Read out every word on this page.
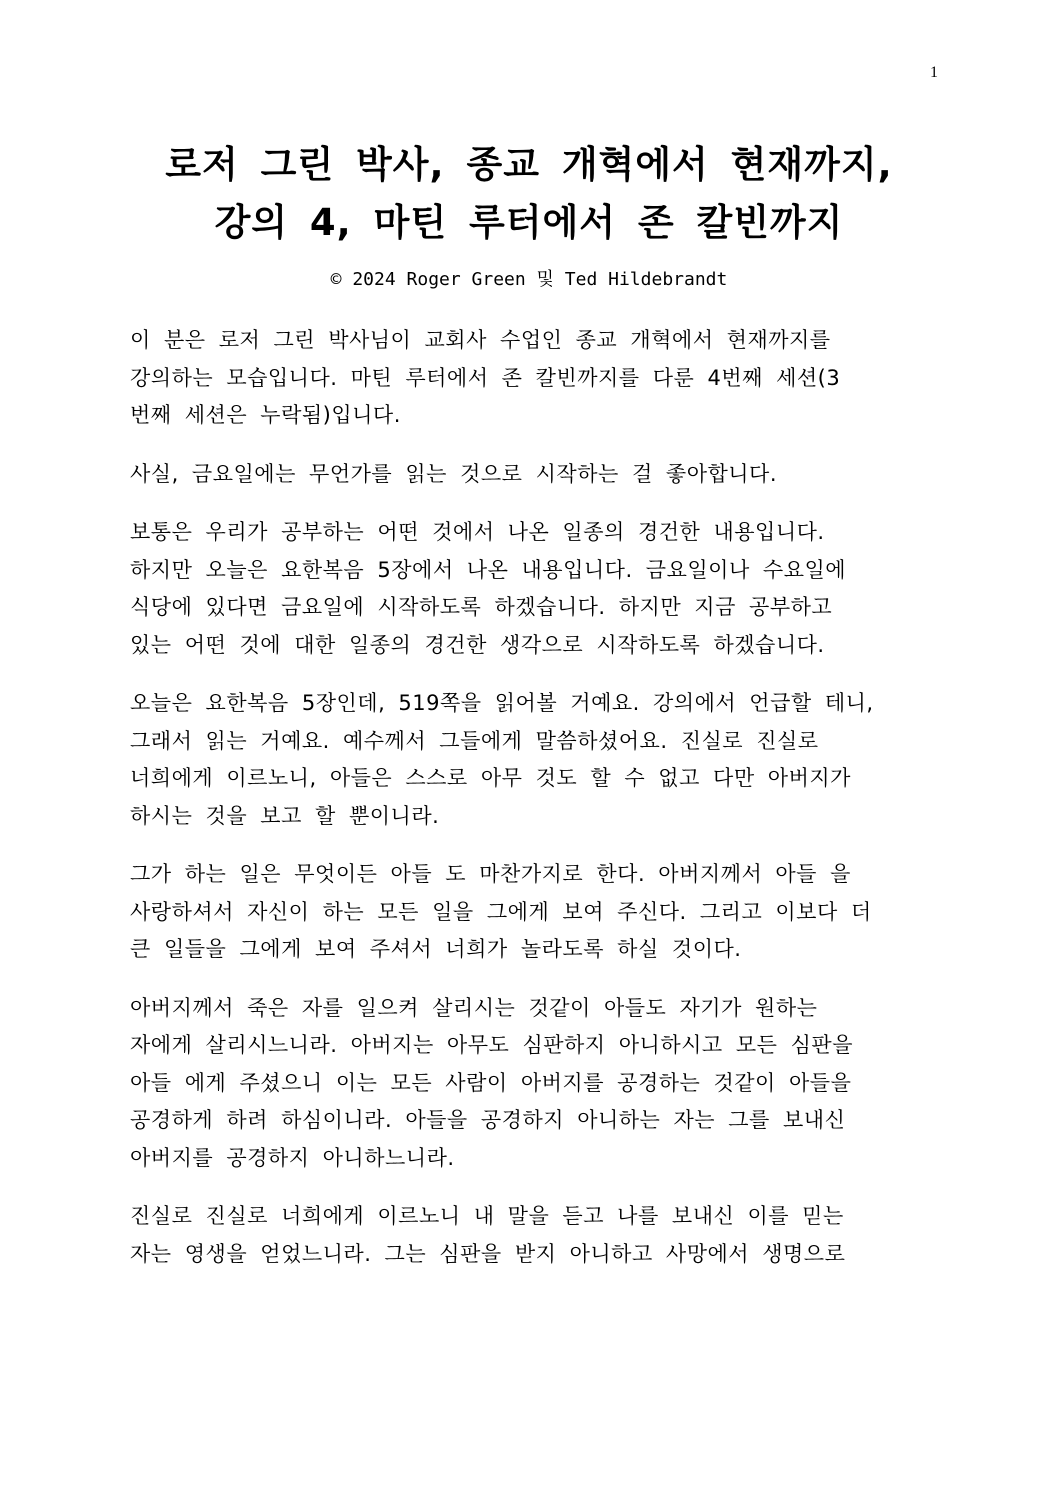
1
로저 그린 박사, 종교 개혁에서 현재까지,
강의 4, 마틴 루터에서 존 칼빈까지
© 2024 Roger Green 및 Ted Hildebrandt
이 분은 로저 그린 박사님이 교회사 수업인 종교 개혁에서 현재까지를
강의하는 모습입니다. 마틴 루터에서 존 칼빈까지를 다룬 4번째 세션(3
번째 세션은 누락됨)입니다.
사실, 금요일에는 무언가를 읽는 것으로 시작하는 걸 좋아합니다.
보통은 우리가 공부하는 어떤 것에서 나온 일종의 경건한 내용입니다.
하지만 오늘은 요한복음 5장에서 나온 내용입니다. 금요일이나 수요일에
식당에 있다면 금요일에 시작하도록 하겠습니다. 하지만 지금 공부하고
있는 어떤 것에 대한 일종의 경건한 생각으로 시작하도록 하겠습니다.
오늘은 요한복음 5장인데, 519쪽을 읽어볼 거예요. 강의에서 언급할 테니,
그래서 읽는 거예요. 예수께서 그들에게 말씀하셨어요. 진실로 진실로
너희에게 이르노니, 아들은 스스로 아무 것도 할 수 없고 다만 아버지가
하시는 것을 보고 할 뿐이니라.
그가 하는 일은 무엇이든 아들 도 마찬가지로 한다. 아버지께서 아들 을
사랑하셔서 자신이 하는 모든 일을 그에게 보여 주신다. 그리고 이보다 더
큰 일들을 그에게 보여 주셔서 너희가 놀라도록 하실 것이다.
아버지께서 죽은 자를 일으켜 살리시는 것같이 아들도 자기가 원하는
자에게 살리시느니라. 아버지는 아무도 심판하지 아니하시고 모든 심판을
아들 에게 주셨으니 이는 모든 사람이 아버지를 공경하는 것같이 아들을
공경하게 하려 하심이니라. 아들을 공경하지 아니하는 자는 그를 보내신
아버지를 공경하지 아니하느니라.
진실로 진실로 너희에게 이르노니 내 말을 듣고 나를 보내신 이를 믿는
자는 영생을 얻었느니라. 그는 심판을 받지 아니하고 사망에서 생명으로
